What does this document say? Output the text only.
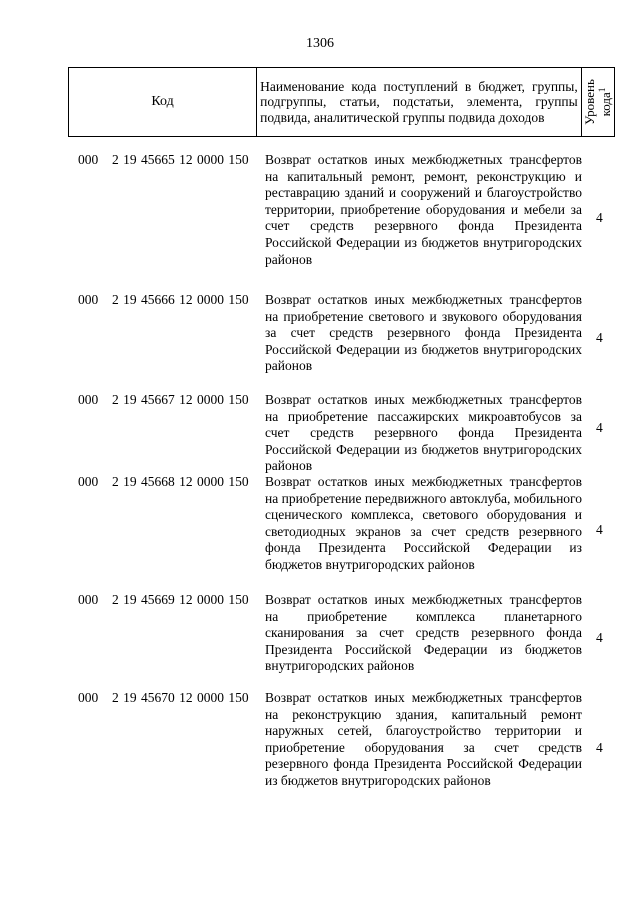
1306
Код	Наименование кода поступлений в бюджет, группы, подгруппы, статьи, подстатьи, элемента, группы подвида, аналитической группы подвида доходов	Уровень
кода$^1$
000 2 19 45665 12 0000 150 Возврат остатков иных межбюджетных трансфертов на капитальный ремонт, ремонт, реконструкцию и реставрацию зданий и сооружений и благоустройство территории, приобретение оборудования и мебели за счет средств резервного фонда Президента Российской Федерации из бюджетов внутригородских районов
4
000 2 19 45666 12 0000 150 Возврат остатков иных межбюджетных трансфертов на приобретение светового и звукового оборудования за счет средств резервного фонда Президента Российской Федерации из бюджетов внутригородских районов
4
000 2 19 45667 12 0000 150 Возврат остатков иных межбюджетных трансфертов на приобретение пассажирских микроавтобусов за счет средств резервного фонда Президента Российской Федерации из бюджетов внутригородских районов
4
000 2 19 45668 12 0000 150 Возврат остатков иных межбюджетных трансфертов на приобретение передвижного автоклуба, мобильного сценического комплекса, светового оборудования и светодиодных экранов за счет средств резервного фонда Президента Российской Федерации из бюджетов внутригородских районов
4
000 2 19 45669 12 0000 150 Возврат остатков иных межбюджетных трансфертов на приобретение комплекса планетарного сканирования за счет средств резервного фонда Президента Российской Федерации из бюджетов внутригородских районов
4
000 2 19 45670 12 0000 150 Возврат остатков иных межбюджетных трансфертов на реконструкцию здания, капитальный ремонт наружных сетей, благоустройство территории и приобретение оборудования за счет средств резервного фонда Президента Российской Федерации из бюджетов внутригородских районов
4
